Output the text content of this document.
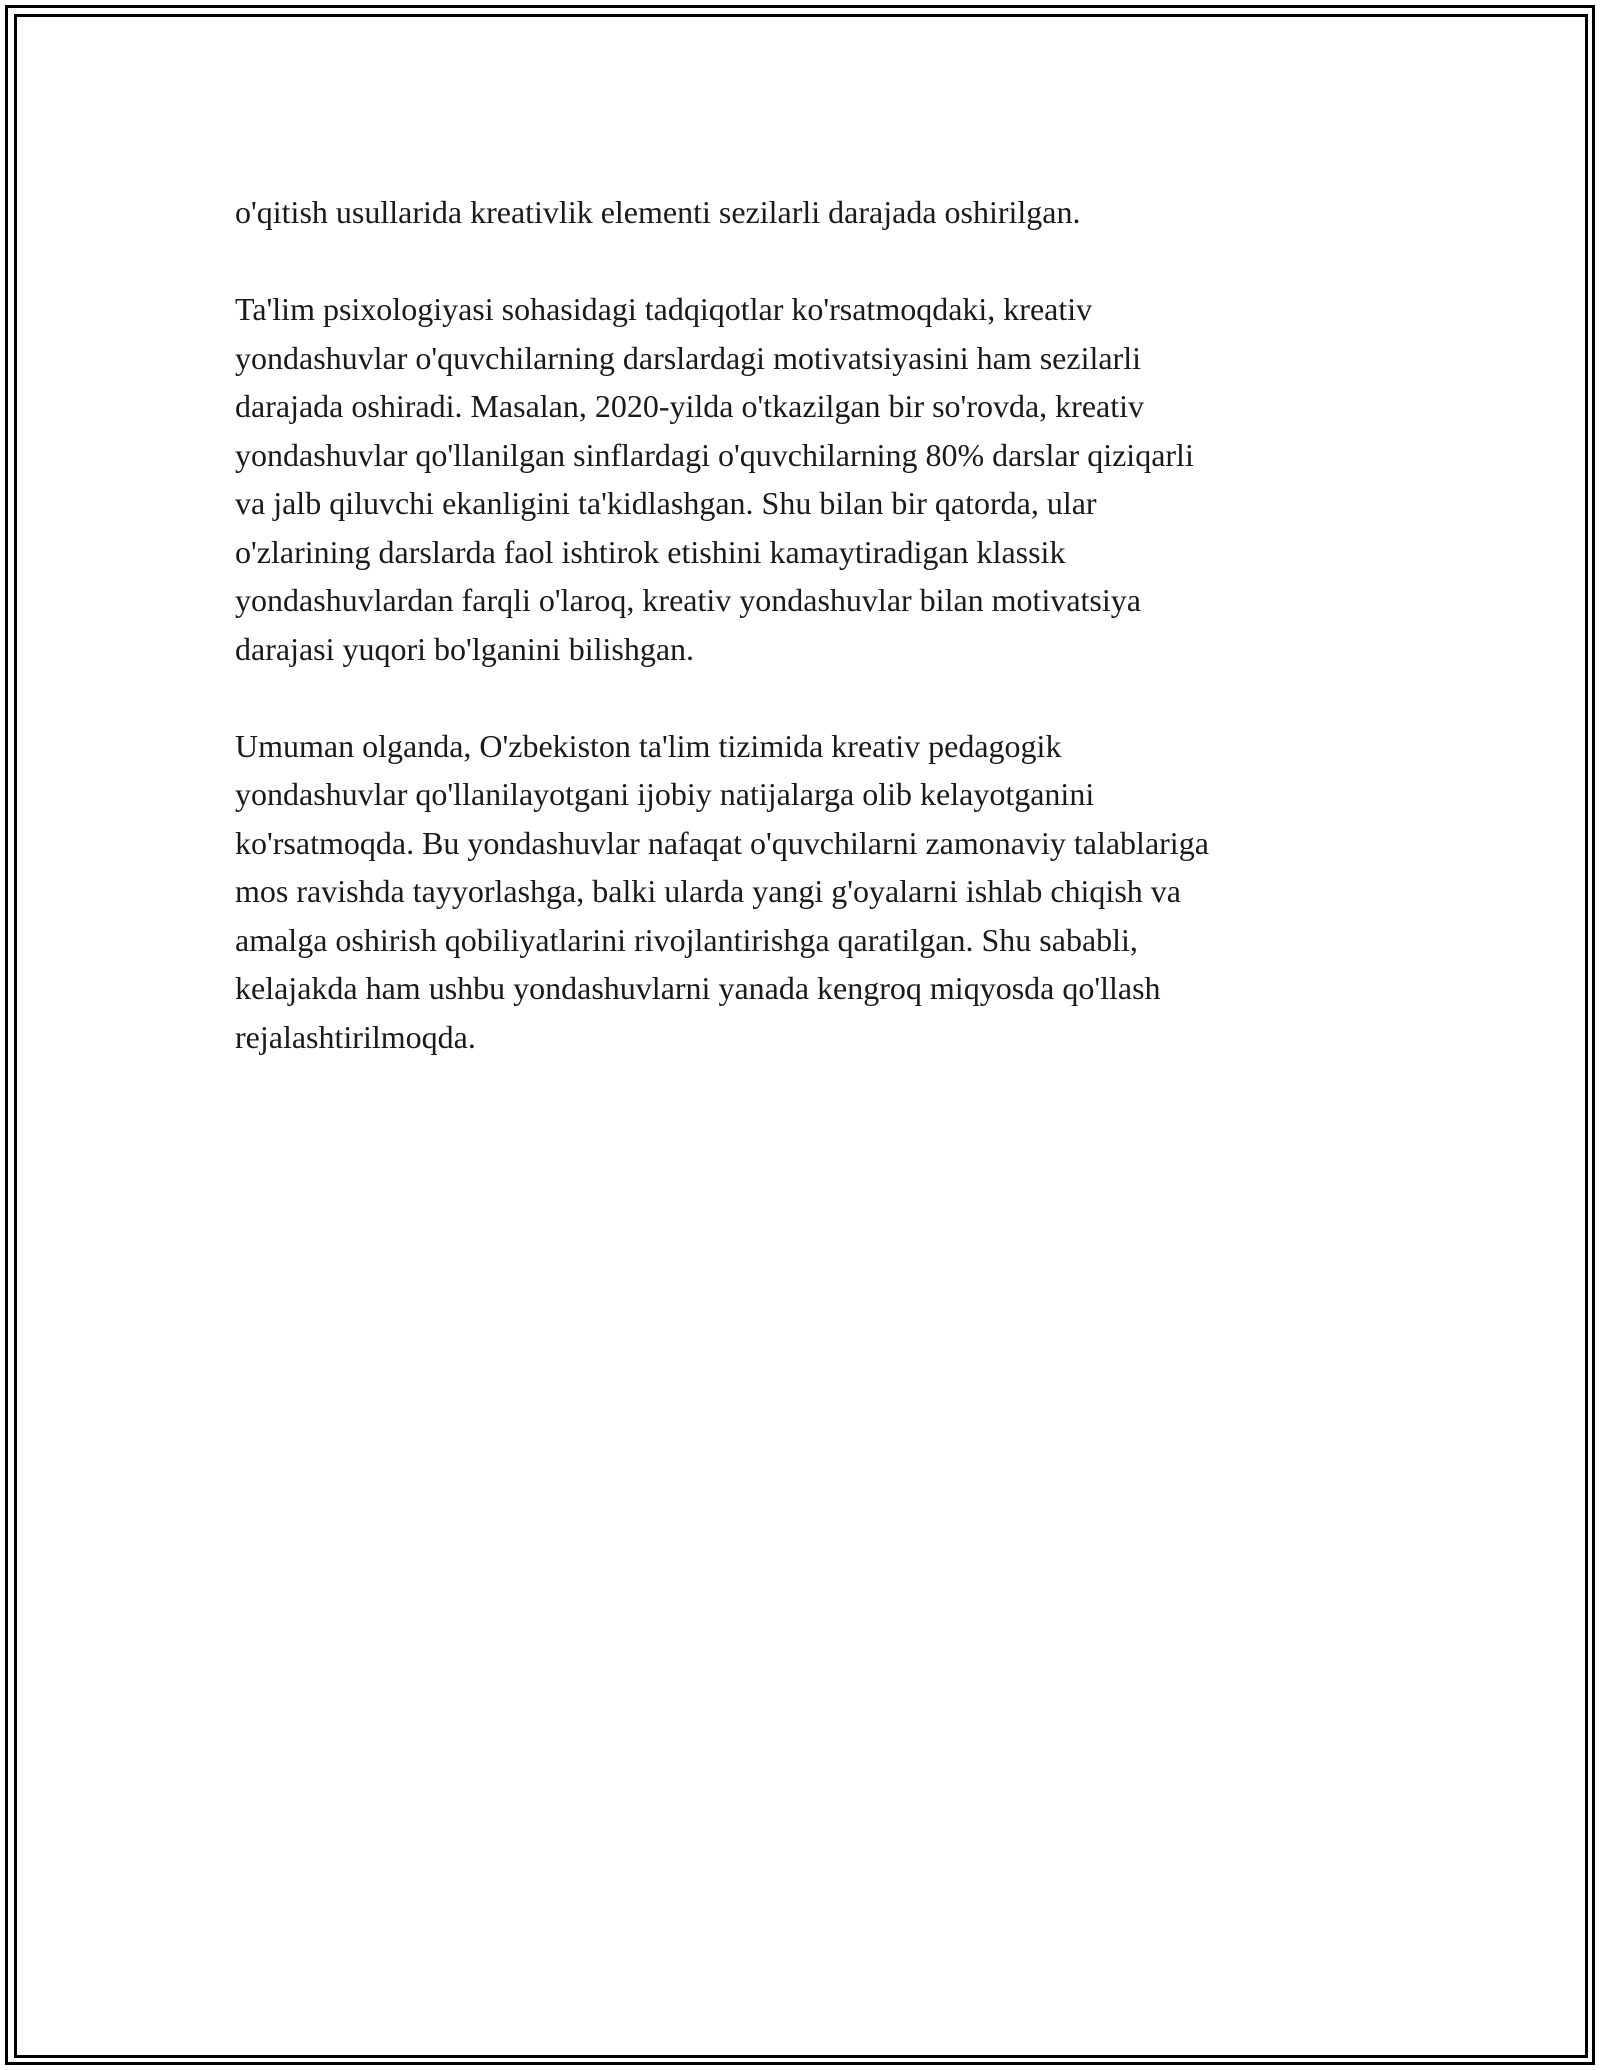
o'qitish usullarida kreativlik elementi sezilarli darajada oshirilgan.

Ta'lim psixologiyasi sohasidagi tadqiqotlar ko'rsatmoqdaki, kreativ
yondashuvlar o'quvchilarning darslardagi motivatsiyasini ham sezilarli
darajada oshiradi. Masalan, 2020-yilda o'tkazilgan bir so'rovda, kreativ
yondashuvlar qo'llanilgan sinflardagi o'quvchilarning 80% darslar qiziqarli
va jalb qiluvchi ekanligini ta'kidlashgan. Shu bilan bir qatorda, ular
o'zlarining darslarda faol ishtirok etishini kamaytiradigan klassik
yondashuvlardan farqli o'laroq, kreativ yondashuvlar bilan motivatsiya
darajasi yuqori bo'lganini bilishgan.

Umuman olganda, O'zbekiston ta'lim tizimida kreativ pedagogik
yondashuvlar qo'llanilayotgani ijobiy natijalarga olib kelayotganini
ko'rsatmoqda. Bu yondashuvlar nafaqat o'quvchilarni zamonaviy talablariga
mos ravishda tayyorlashga, balki ularda yangi g'oyalarni ishlab chiqish va
amalga oshirish qobiliyatlarini rivojlantirishga qaratilgan. Shu sababli,
kelajakda ham ushbu yondashuvlarni yanada kengroq miqyosda qo'llash
rejalashtirilmoqda.
